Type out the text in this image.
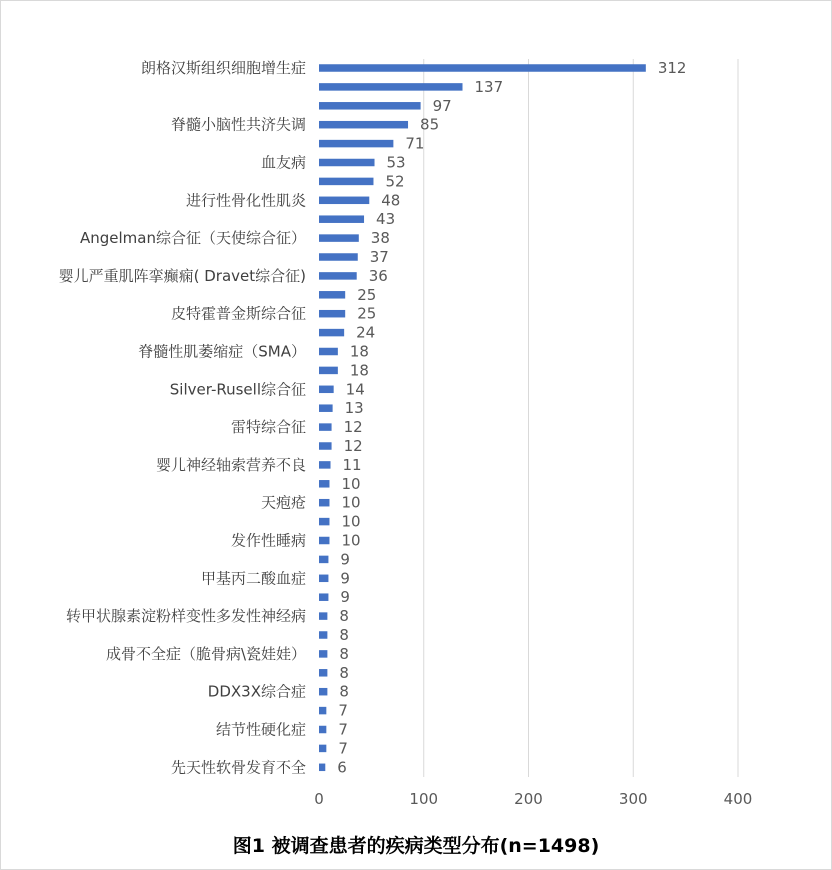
312
137
97
85
71
53
52
48
43
38
37
36
25
25
24
18
18
14
13
12
12
11
10
10
10
10
9
9
9
8
8
8
8
8
7
7
7
6
朗格汉斯组织细胞增生症
脊髓小脑性共济失调
血友病
进行性骨化性肌炎
Angelman综合征（天使综合征）
婴儿严重肌阵挛癫痫( Dravet综合征)
皮特霍普金斯综合征
脊髓性肌萎缩症（SMA）
Silver-Rusell综合征
雷特综合征
婴儿神经轴索营养不良
天疱疮
发作性睡病
甲基丙二酸血症
转甲状腺素淀粉样变性多发性神经病
成骨不全症（脆骨病\瓷娃娃）
DDX3X综合症
结节性硬化症
先天性软骨发育不全
0	100	200	300	400
图1 被调查患者的疾病类型分布(n=1498)
